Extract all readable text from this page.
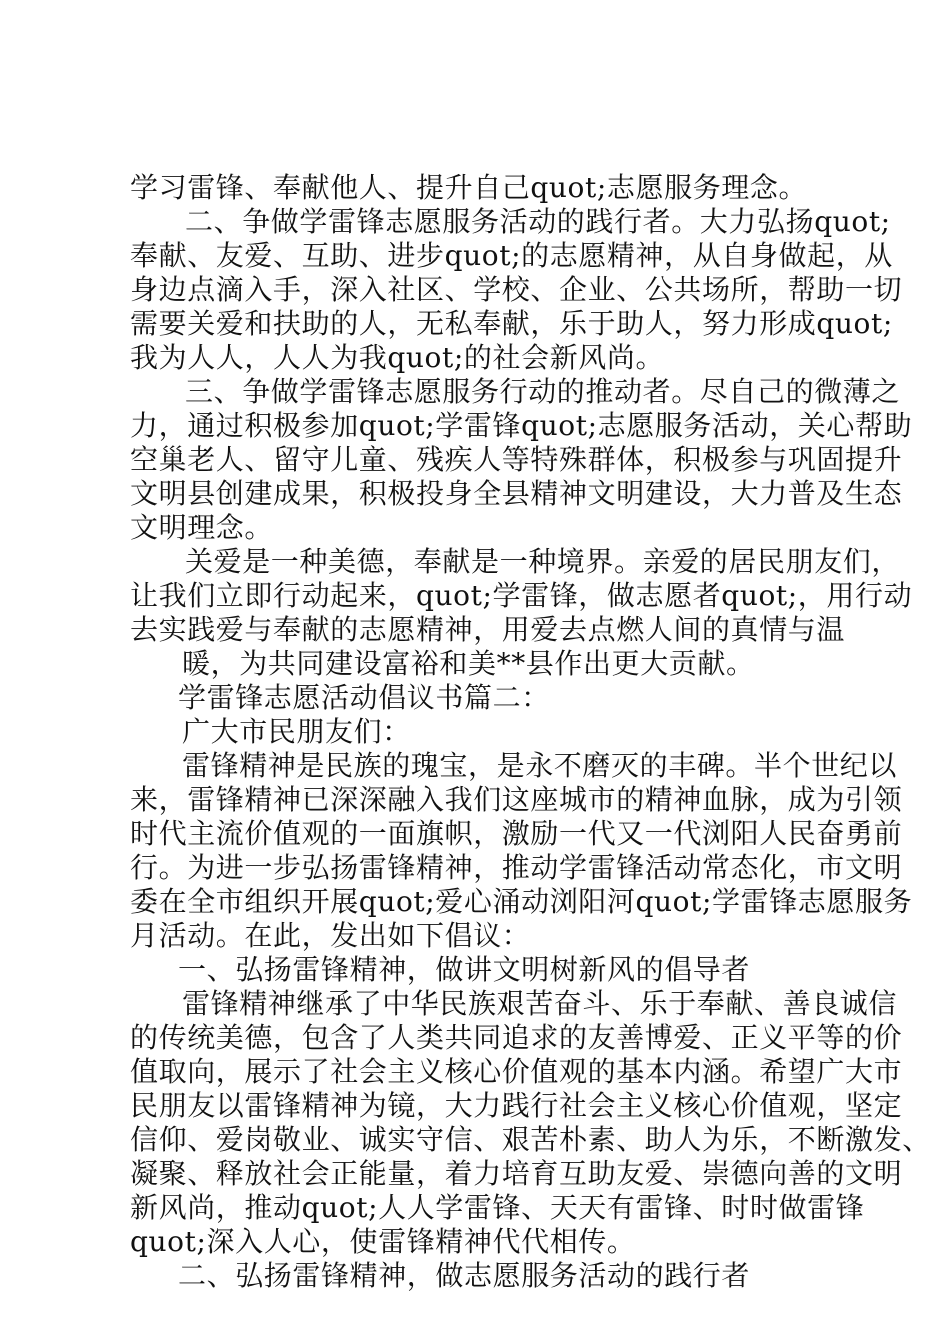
学习雷锋、奉献他人、提升自己quot;志愿服务理念。
二、争做学雷锋志愿服务活动的践行者。大力弘扬quot;
奉献、友爱、互助、进步quot;的志愿精神，从自身做起，从
身边点滴入手，深入社区、学校、企业、公共场所，帮助一切
需要关爱和扶助的人，无私奉献，乐于助人，努力形成quot;
我为人人，人人为我quot;的社会新风尚。
三、争做学雷锋志愿服务行动的推动者。尽自己的微薄之
力，通过积极参加quot;学雷锋quot;志愿服务活动，关心帮助
空巢老人、留守儿童、残疾人等特殊群体，积极参与巩固提升
文明县创建成果，积极投身全县精神文明建设，大力普及生态
文明理念。
关爱是一种美德，奉献是一种境界。亲爱的居民朋友们，
让我们立即行动起来，quot;学雷锋，做志愿者quot;，用行动
去实践爱与奉献的志愿精神，用爱去点燃人间的真情与温
暖，为共同建设富裕和美**县作出更大贡献。
学雷锋志愿活动倡议书篇二：
广大市民朋友们：
雷锋精神是民族的瑰宝，是永不磨灭的丰碑。半个世纪以
来，雷锋精神已深深融入我们这座城市的精神血脉，成为引领
时代主流价值观的一面旗帜，激励一代又一代浏阳人民奋勇前
行。为进一步弘扬雷锋精神，推动学雷锋活动常态化，市文明
委在全市组织开展quot;爱心涌动浏阳河quot;学雷锋志愿服务
月活动。在此，发出如下倡议：
一、弘扬雷锋精神，做讲文明树新风的倡导者
雷锋精神继承了中华民族艰苦奋斗、乐于奉献、善良诚信
的传统美德，包含了人类共同追求的友善博爱、正义平等的价
值取向，展示了社会主义核心价值观的基本内涵。希望广大市
民朋友以雷锋精神为镜，大力践行社会主义核心价值观，坚定
信仰、爱岗敬业、诚实守信、艰苦朴素、助人为乐，不断激发、
凝聚、释放社会正能量，着力培育互助友爱、崇德向善的文明
新风尚，推动quot;人人学雷锋、天天有雷锋、时时做雷锋
quot;深入人心，使雷锋精神代代相传。
二、弘扬雷锋精神，做志愿服务活动的践行者
